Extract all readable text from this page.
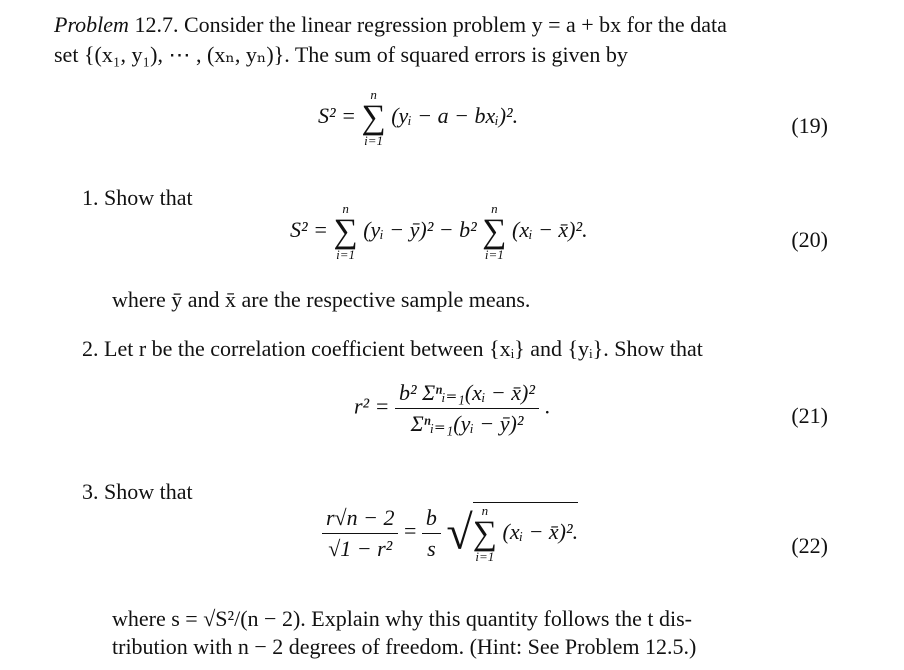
Problem 12.7. Consider the linear regression problem y = a + bx for the data
set {(x₁, y₁), ⋯ , (xₙ, yₙ)}. The sum of squared errors is given by
S² =
n
∑
i=1
(yᵢ − a − bxᵢ)².	(19)
1. Show that
S² =
n
∑
i=1
(yᵢ − ȳ)² − b²
n
∑
i=1
(xᵢ − x̄)².	(20)
where ȳ and x̄ are the respective sample means.
2. Let r be the correlation coefficient between {xᵢ} and {yᵢ}. Show that
$r^2 = \frac{\text{b² Σⁿᵢ₌₁(xᵢ − x̄)²}}{\text{Σⁿᵢ₌₁(yᵢ − ȳ)²}}$ .	(21)
3. Show that
$\frac{r√n - 2}{\text{√1 − r²}} = \frac{b}{s}$ √ n
∑
i=1
(xᵢ − x̄)².
(22)
where s = √S²/(n − 2). Explain why this quantity follows the t dis-
tribution with n − 2 degrees of freedom. (Hint: See Problem 12.5.)
